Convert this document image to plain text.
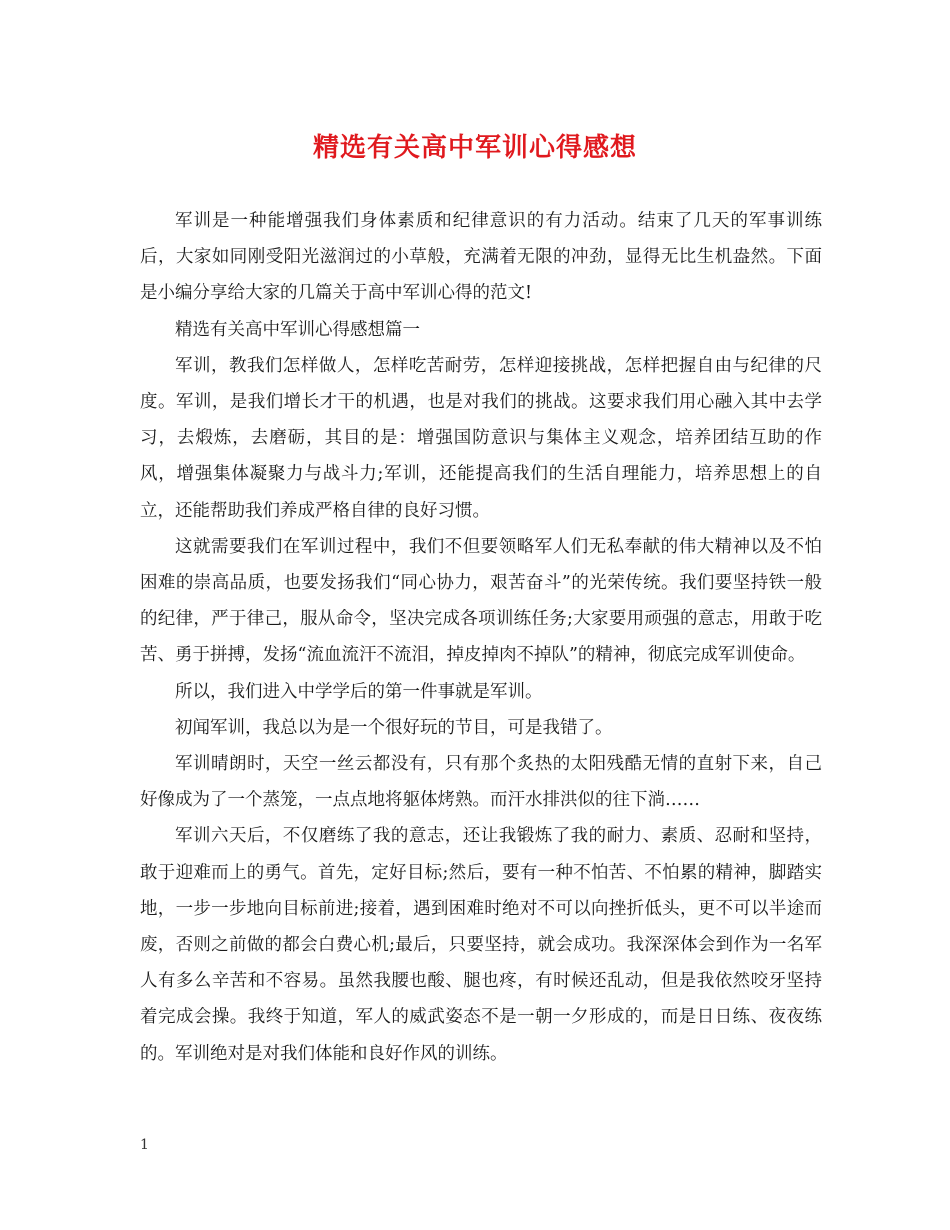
精选有关高中军训心得感想

军训是一种能增强我们身体素质和纪律意识的有力活动。结束了几天的军事训练后，大家如同刚受阳光滋润过的小草般，充满着无限的冲劲，显得无比生机盎然。下面是小编分享给大家的几篇关于高中军训心得的范文!

精选有关高中军训心得感想篇一

军训，教我们怎样做人，怎样吃苦耐劳，怎样迎接挑战，怎样把握自由与纪律的尺度。军训，是我们增长才干的机遇，也是对我们的挑战。这要求我们用心融入其中去学习，去煅炼，去磨砺，其目的是：增强国防意识与集体主义观念，培养团结互助的作风，增强集体凝聚力与战斗力;军训，还能提高我们的生活自理能力，培养思想上的自立，还能帮助我们养成严格自律的良好习惯。

这就需要我们在军训过程中，我们不但要领略军人们无私奉献的伟大精神以及不怕困难的崇高品质，也要发扬我们“同心协力，艰苦奋斗”的光荣传统。我们要坚持铁一般的纪律，严于律己，服从命令，坚决完成各项训练任务;大家要用顽强的意志，用敢于吃苦、勇于拼搏，发扬“流血流汗不流泪，掉皮掉肉不掉队”的精神，彻底完成军训使命。

所以，我们进入中学学后的第一件事就是军训。

初闻军训，我总以为是一个很好玩的节目，可是我错了。

军训晴朗时，天空一丝云都没有，只有那个炙热的太阳残酷无情的直射下来，自己好像成为了一个蒸笼，一点点地将躯体烤熟。而汗水排洪似的往下淌……

军训六天后，不仅磨练了我的意志，还让我锻炼了我的耐力、素质、忍耐和坚持，敢于迎难而上的勇气。首先，定好目标;然后，要有一种不怕苦、不怕累的精神，脚踏实地，一步一步地向目标前进;接着，遇到困难时绝对不可以向挫折低头，更不可以半途而废，否则之前做的都会白费心机;最后，只要坚持，就会成功。我深深体会到作为一名军人有多么辛苦和不容易。虽然我腰也酸、腿也疼，有时候还乱动，但是我依然咬牙坚持着完成会操。我终于知道，军人的威武姿态不是一朝一夕形成的，而是日日练、夜夜练的。军训绝对是对我们体能和良好作风的训练。

1
